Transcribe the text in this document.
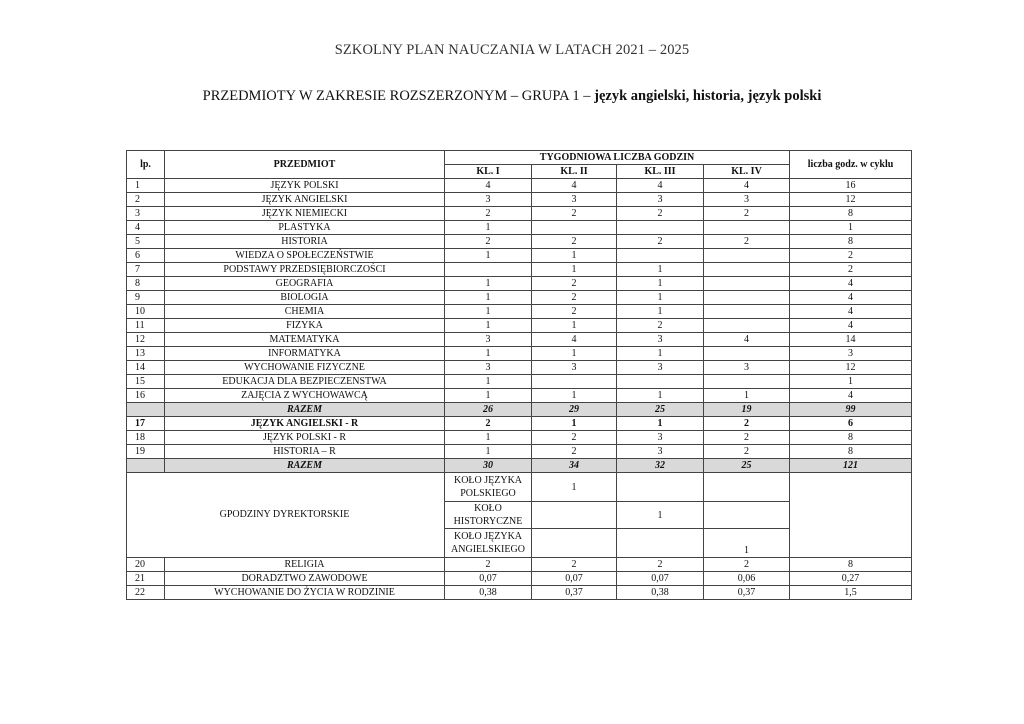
SZKOLNY PLAN NAUCZANIA W LATACH 2021 – 2025
PRZEDMIOTY W ZAKRESIE ROZSZERZONYM – GRUPA 1 – język angielski, historia, język polski
lp.	PRZEDMIOT	TYGODNIOWA LICZBA GODZIN				liczba godz. w cyklu
		KL. I	KL. II	KL. III	KL. IV	
1	JĘZYK POLSKI	4	4	4	4	16
2	JĘZYK ANGIELSKI	3	3	3	3	12
3	JĘZYK NIEMIECKI	2	2	2	2	8
4	PLASTYKA	1				1
5	HISTORIA	2	2	2	2	8
6	WIEDZA O SPOŁECZEŃSTWIE	1	1			2
7	PODSTAWY PRZEDSIĘBIORCZOŚCI		1	1		2
8	GEOGRAFIA	1	2	1		4
9	BIOLOGIA	1	2	1		4
10	CHEMIA	1	2	1		4
11	FIZYKA	1	1	2		4
12	MATEMATYKA	3	4	3	4	14
13	INFORMATYKA	1	1	1		3
14	WYCHOWANIE FIZYCZNE	3	3	3	3	12
15	EDUKACJA DLA BEZPIECZENSTWA	1				1
16	ZAJĘCIA Z WYCHOWAWCĄ	1	1	1	1	4
	RAZEM	26	29	25	19	99
17	JĘZYK ANGIELSKI - R	2	1	1	2	6
18	JĘZYK POLSKI - R	1	2	3	2	8
19	HISTORIA – R	1	2	3	2	8
	RAZEM	30	34	32	25	121
GPODZINY DYREKTORSKIE		KOŁO JĘZYKA POLSKIEGO	1			
		KOŁO HISTORYCZNE		1		
		KOŁO JĘZYKA ANGIELSKIEGO			1	
20	RELIGIA	2	2	2	2	8
21	DORADZTWO ZAWODOWE	0,07	0,07	0,07	0,06	0,27
22	WYCHOWANIE DO ŻYCIA W RODZINIE	0,38	0,37	0,38	0,37	1,5
